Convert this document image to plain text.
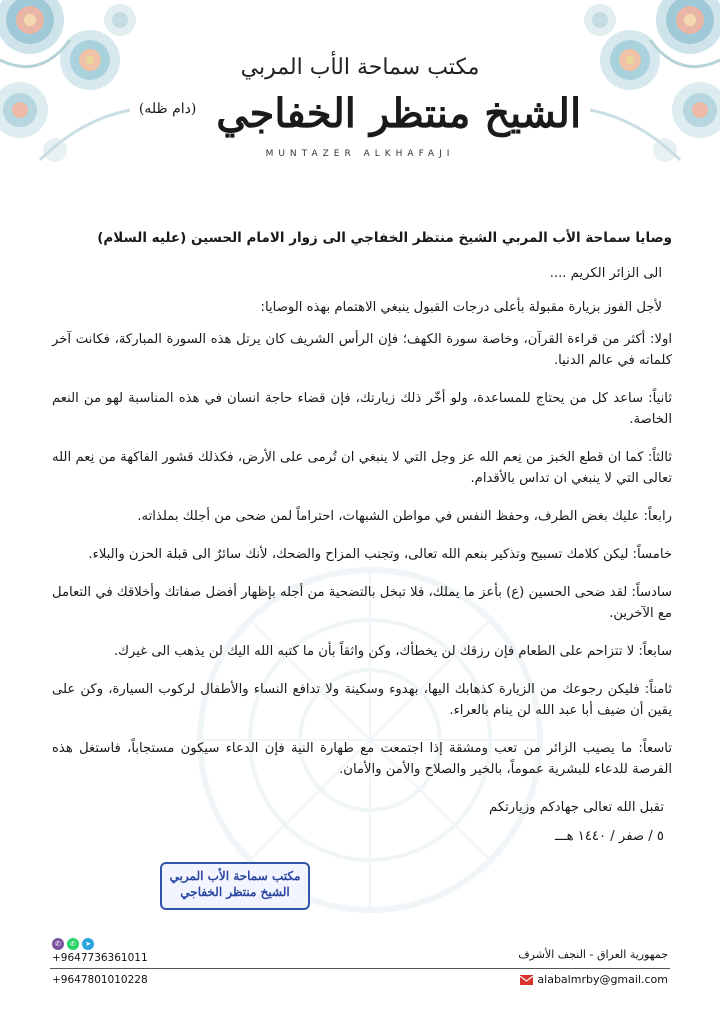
مكتب سماحة الأب المربي
الشيخ منتظر الخفاجي $^{(دام ظله)}$
MUNTAZER ALKHAFAJI
وصايا سماحة الأب المربي الشيخ منتظر الخفاجي الى زوار الامام الحسين (عليه السلام)
الى الزائر الكريم ....
لأجل الفوز بزيارة مقبولة بأعلى درجات القبول ينبغي الاهتمام بهذه الوصايا:
اولا: أكثر من قراءة القرآن، وخاصة سورة الكهف؛ فإن الرأس الشريف كان يرتل هذه السورة المباركة، فكانت آخر كلماته في عالم الدنيا.
ثانياً: ساعد كل من يحتاج للمساعدة، ولو أخّر ذلك زيارتك، فإن قضاء حاجة انسان في هذه المناسبة لهو من النعم الخاصة.
ثالثاً: كما ان قطع الخبز من نِعم الله عز وجل التي لا ينبغي ان تُرمى على الأرض، فكذلك قشور الفاكهة من نِعم الله تعالى التي لا ينبغي ان تداس بالأقدام.
رابعاً: عليك بغض الطرف، وحفظ النفس في مواطن الشبهات، احتراماً لمن ضحى من أجلك بملذاته.
خامساً: ليكن كلامك تسبيح وتذكير بنعم الله تعالى، وتجنب المزاح والضحك، لأنك سائرٌ الى قبلة الحزن والبلاء.
سادساً: لقد ضحى الحسين (ع) بأعز ما يملك، فلا تبخل بالتضحية من أجله بإظهار أفضل صفاتك وأخلاقك في التعامل مع الآخرين.
سابعاً: لا تتزاحم على الطعام فإن رزقك لن يخطأك، وكن واثقاً بأن ما كتبه الله اليك لن يذهب الى غيرك.
ثامناً: فليكن رجوعك من الزيارة كذهابك اليها، بهدوء وسكينة ولا تدافع النساء والأطفال لركوب السيارة، وكن على يقين أن ضيف أبا عبد الله لن ينام بالعراء.
تاسعاً: ما يصيب الزائر من تعب ومشقة إذا اجتمعت مع طهارة النية فإن الدعاء سيكون مستجاباً، فاستغل هذه الفرصة للدعاء للبشرية عموماً، بالخير والصلاح والأمن والأمان.
تقبل الله تعالى جهادكم وزيارتكم
٥ / صفر / ١٤٤٠ هـــ
مكتب سماحة الأب المربي
الشيخ منتظر الخفاجي
✆	✆	➤
+9647736361011
+9647801010228
جمهورية العراق - النجف الأشرف
alabalmrby@gmail.com
